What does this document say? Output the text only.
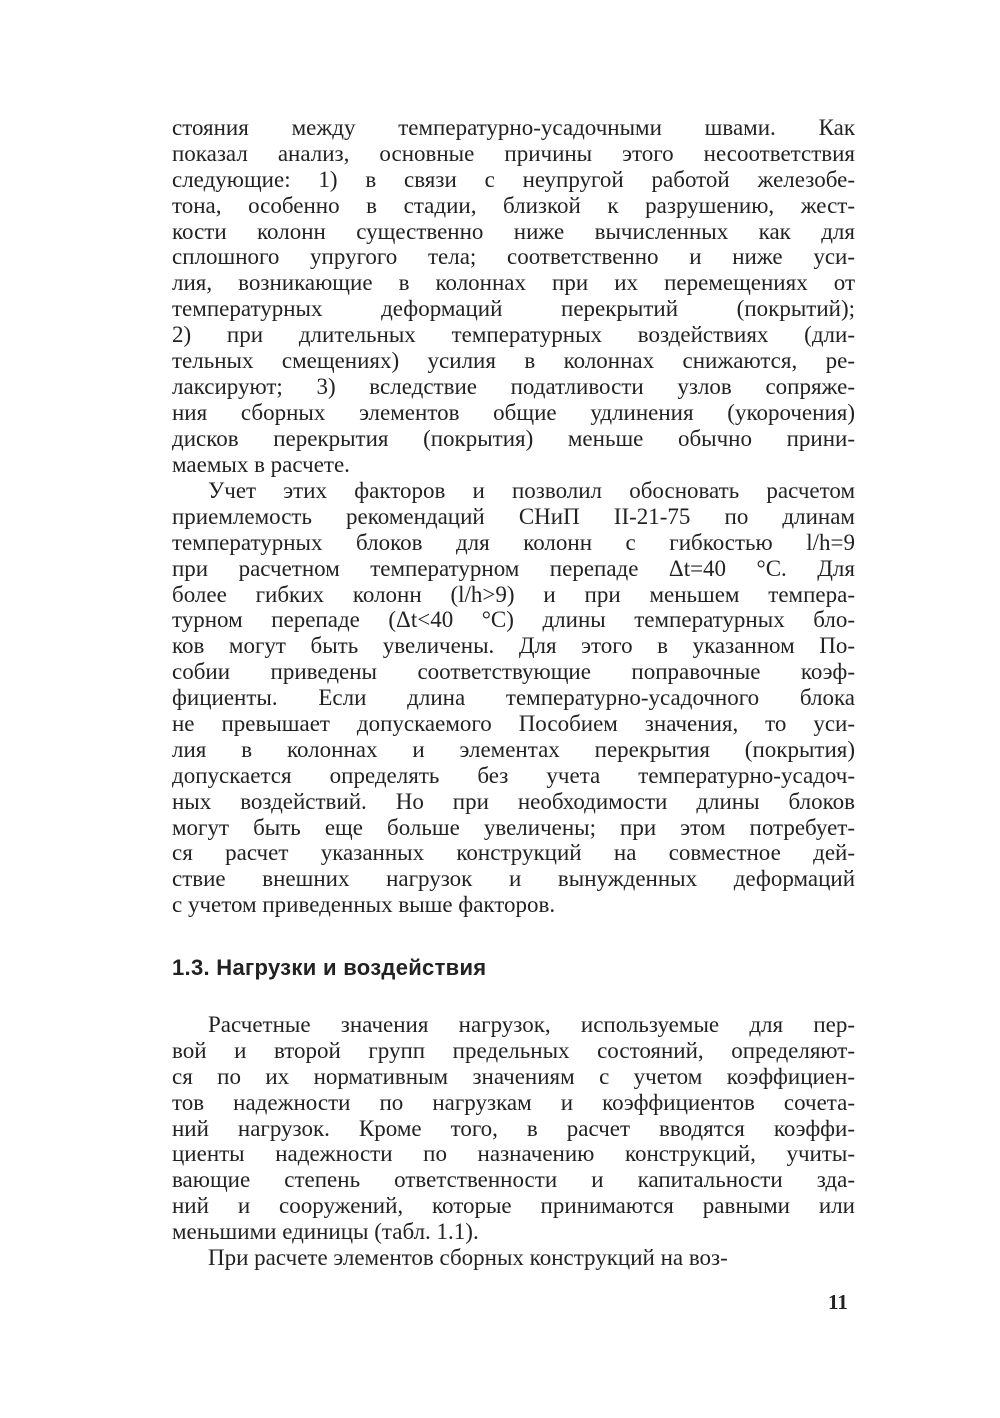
стояния между температурно-усадочными швами. Как
показал анализ, основные причины этого несоответствия
следующие: 1) в связи с неупругой работой железобе-
тона, особенно в стадии, близкой к разрушению, жест-
кости колонн существенно ниже вычисленных как для
сплошного упругого тела; соответственно и ниже уси-
лия, возникающие в колоннах при их перемещениях от
температурных деформаций перекрытий (покрытий);
2) при длительных температурных воздействиях (дли-
тельных смещениях) усилия в колоннах снижаются, ре-
лаксируют; 3) вследствие податливости узлов сопряже-
ния сборных элементов общие удлинения (укорочения)
дисков перекрытия (покрытия) меньше обычно прини-
маемых в расчете.
Учет этих факторов и позволил обосновать расчетом
приемлемость рекомендаций СНиП II-21-75 по длинам
температурных блоков для колонн с гибкостью l/h=9
при расчетном температурном перепаде Δt=40 °С. Для
более гибких колонн (l/h>9) и при меньшем темпера-
турном перепаде (Δt<40 °С) длины температурных бло-
ков могут быть увеличены. Для этого в указанном По-
собии приведены соответствующие поправочные коэф-
фициенты. Если длина температурно-усадочного блока
не превышает допускаемого Пособием значения, то уси-
лия в колоннах и элементах перекрытия (покрытия)
допускается определять без учета температурно-усадоч-
ных воздействий. Но при необходимости длины блоков
могут быть еще больше увеличены; при этом потребует-
ся расчет указанных конструкций на совместное дей-
ствие внешних нагрузок и вынужденных деформаций
с учетом приведенных выше факторов.
1.3. Нагрузки и воздействия
Расчетные значения нагрузок, используемые для пер-
вой и второй групп предельных состояний, определяют-
ся по их нормативным значениям с учетом коэффициен-
тов надежности по нагрузкам и коэффициентов сочета-
ний нагрузок. Кроме того, в расчет вводятся коэффи-
циенты надежности по назначению конструкций, учиты-
вающие степень ответственности и капитальности зда-
ний и сооружений, которые принимаются равными или
меньшими единицы (табл. 1.1).
При расчете элементов сборных конструкций на воз-
11
